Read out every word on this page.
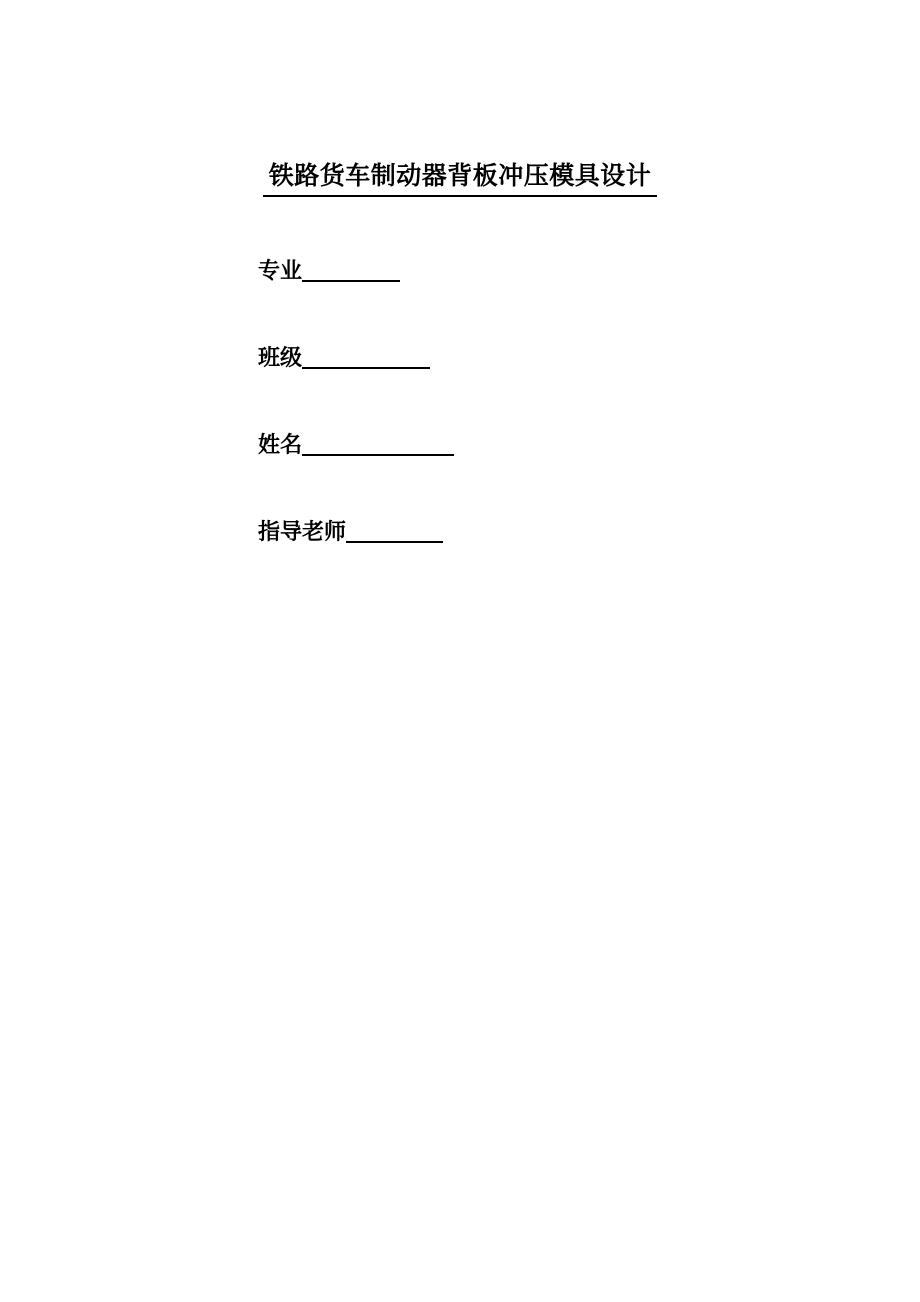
铁路货车制动器背板冲压模具设计
专业
班级
姓名
指导老师
